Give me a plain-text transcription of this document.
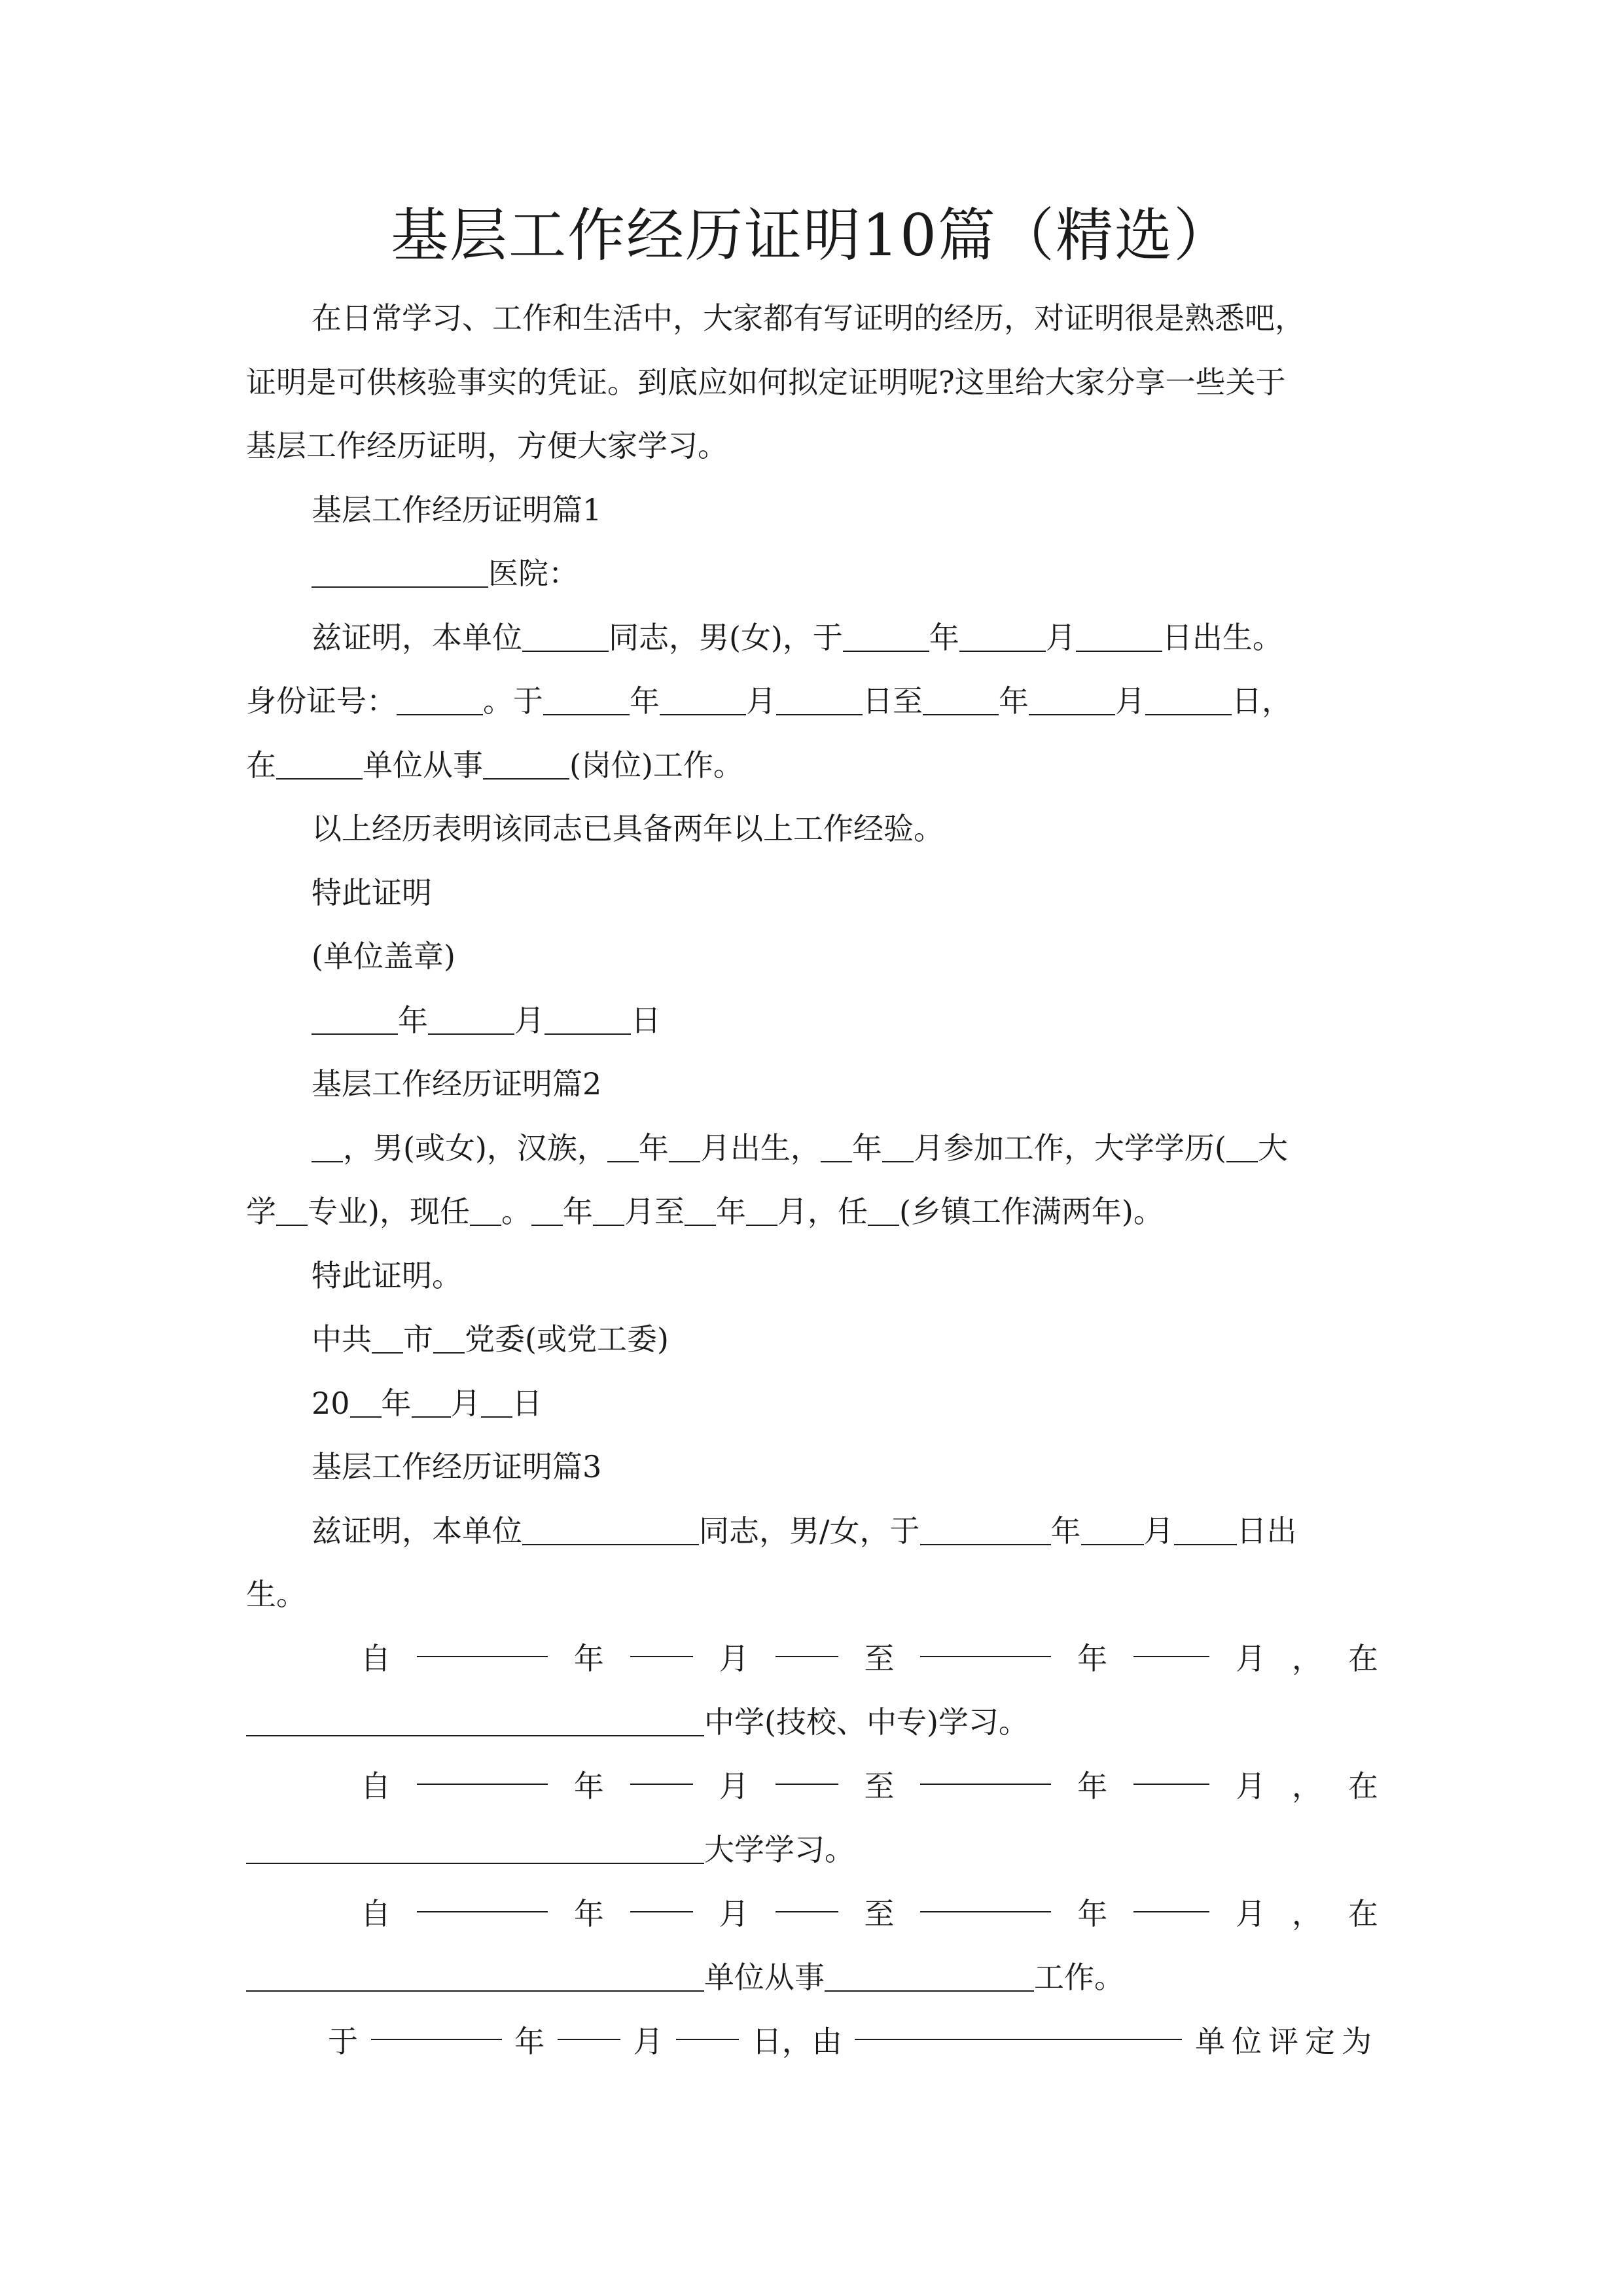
基层工作经历证明10篇（精选）
在日常学习、工作和生活中，大家都有写证明的经历，对证明很是熟悉吧，
证明是可供核验事实的凭证。到底应如何拟定证明呢?这里给大家分享一些关于
基层工作经历证明，方便大家学习。
基层工作经历证明篇1
医院：
兹证明，本单位	同志，男(女)，于	年	月	日出生。
身份证号：	。于	年	月	日至	年	月	日，
在	单位从事	(岗位)工作。
以上经历表明该同志已具备两年以上工作经验。
特此证明
(单位盖章)
年	月	日
基层工作经历证明篇2
，男(或女)，汉族， 年 月出生， 年 月参加工作，大学学历( 大
学 专业)，现任 。 年 月至 年 月，任 (乡镇工作满两年)。
特此证明。
中共 市 党委(或党工委)
20 年 月 日
基层工作经历证明篇3
兹证明，本单位	同志，男/女，于	年 月 日出
生。
自	年	月	至	年	月 ， 在
中学(技校、中专)学习。
自	年	月	至	年	月 ， 在
大学学习。
自	年	月	至	年	月 ， 在
单位从事	工作。
于	年	月	日，由	单位评定为
